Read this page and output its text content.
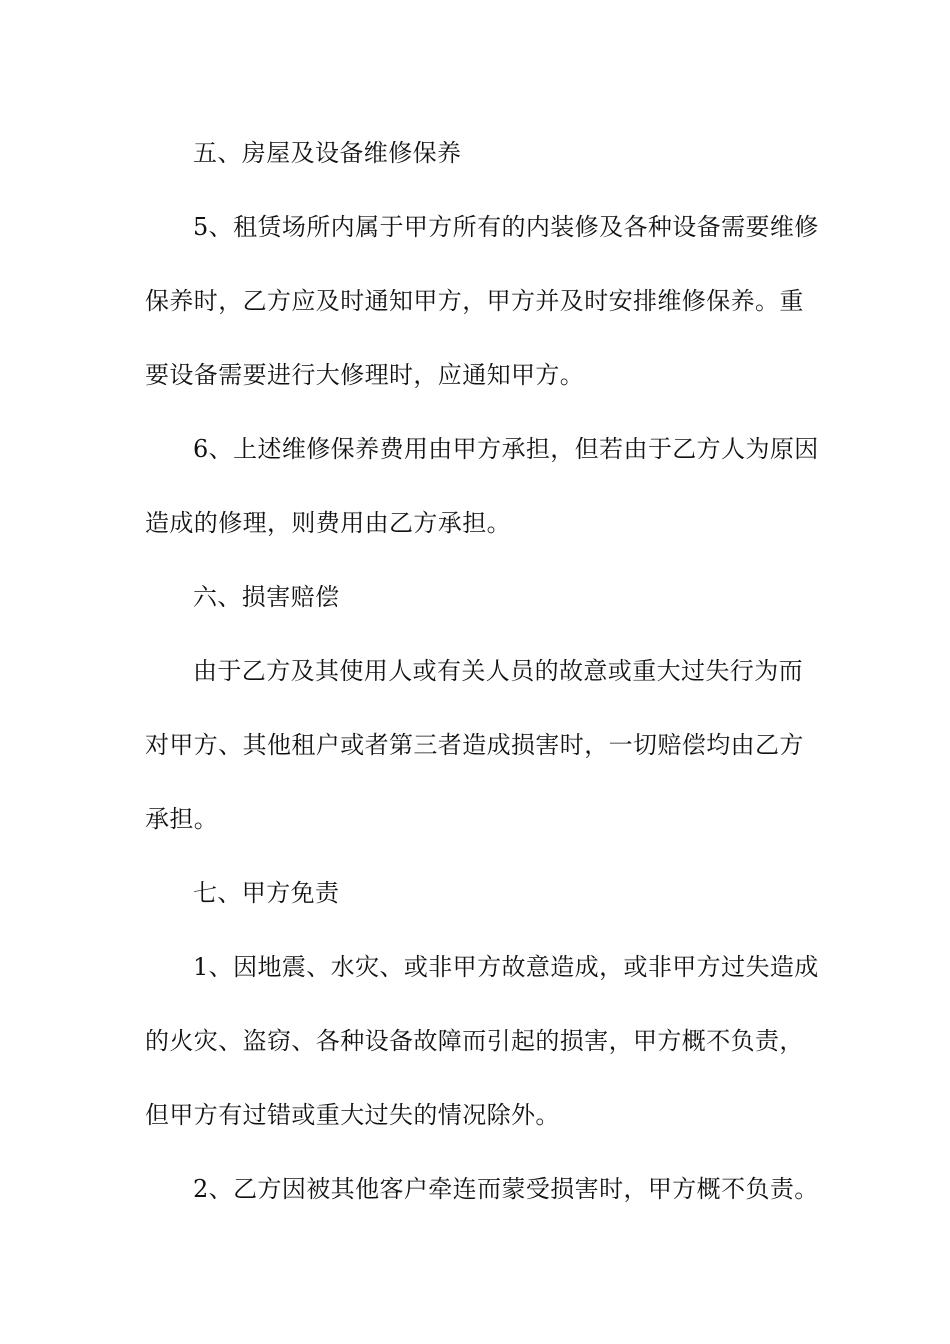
五、房屋及设备维修保养
5、租赁场所内属于甲方所有的内装修及各种设备需要维修
保养时，乙方应及时通知甲方，甲方并及时安排维修保养。重
要设备需要进行大修理时，应通知甲方。
6、上述维修保养费用由甲方承担，但若由于乙方人为原因
造成的修理，则费用由乙方承担。
六、损害赔偿
由于乙方及其使用人或有关人员的故意或重大过失行为而
对甲方、其他租户或者第三者造成损害时，一切赔偿均由乙方
承担。
七、甲方免责
1、因地震、水灾、或非甲方故意造成，或非甲方过失造成
的火灾、盗窃、各种设备故障而引起的损害，甲方概不负责，
但甲方有过错或重大过失的情况除外。
2、乙方因被其他客户牵连而蒙受损害时，甲方概不负责。
